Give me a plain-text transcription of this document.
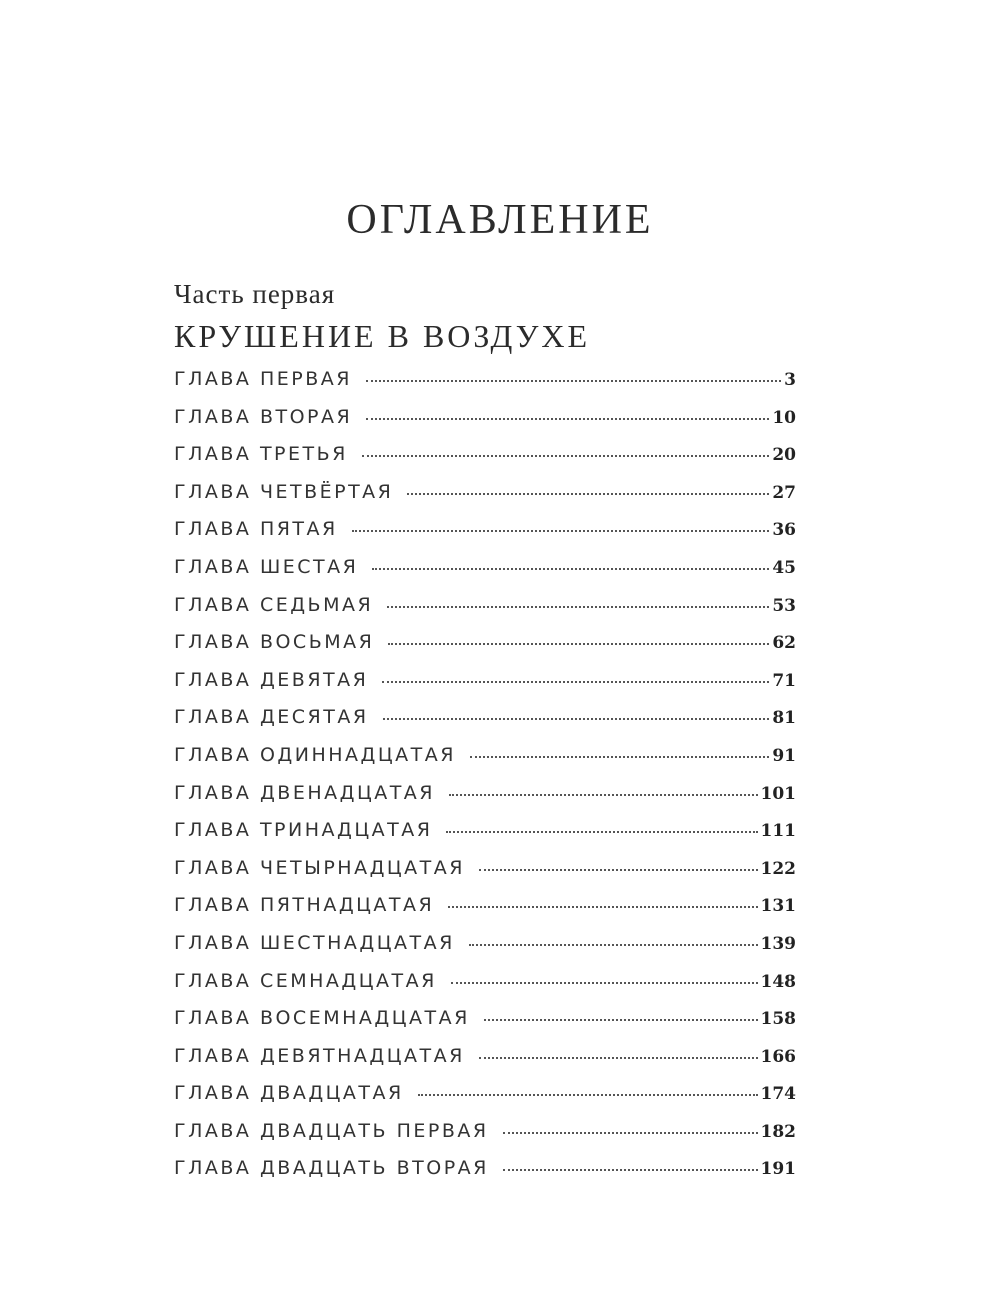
ОГЛАВЛЕНИЕ
Часть первая
КРУШЕНИЕ В ВОЗДУХЕ
ГЛАВА ПЕРВАЯ	3
ГЛАВА ВТОРАЯ	10
ГЛАВА ТРЕТЬЯ	20
ГЛАВА ЧЕТВЁРТАЯ	27
ГЛАВА ПЯТАЯ	36
ГЛАВА ШЕСТАЯ	45
ГЛАВА СЕДЬМАЯ	53
ГЛАВА ВОСЬМАЯ	62
ГЛАВА ДЕВЯТАЯ	71
ГЛАВА ДЕСЯТАЯ	81
ГЛАВА ОДИННАДЦАТАЯ	91
ГЛАВА ДВЕНАДЦАТАЯ	101
ГЛАВА ТРИНАДЦАТАЯ	111
ГЛАВА ЧЕТЫРНАДЦАТАЯ	122
ГЛАВА ПЯТНАДЦАТАЯ	131
ГЛАВА ШЕСТНАДЦАТАЯ	139
ГЛАВА СЕМНАДЦАТАЯ	148
ГЛАВА ВОСЕМНАДЦАТАЯ	158
ГЛАВА ДЕВЯТНАДЦАТАЯ	166
ГЛАВА ДВАДЦАТАЯ	174
ГЛАВА ДВАДЦАТЬ ПЕРВАЯ	182
ГЛАВА ДВАДЦАТЬ ВТОРАЯ	191
